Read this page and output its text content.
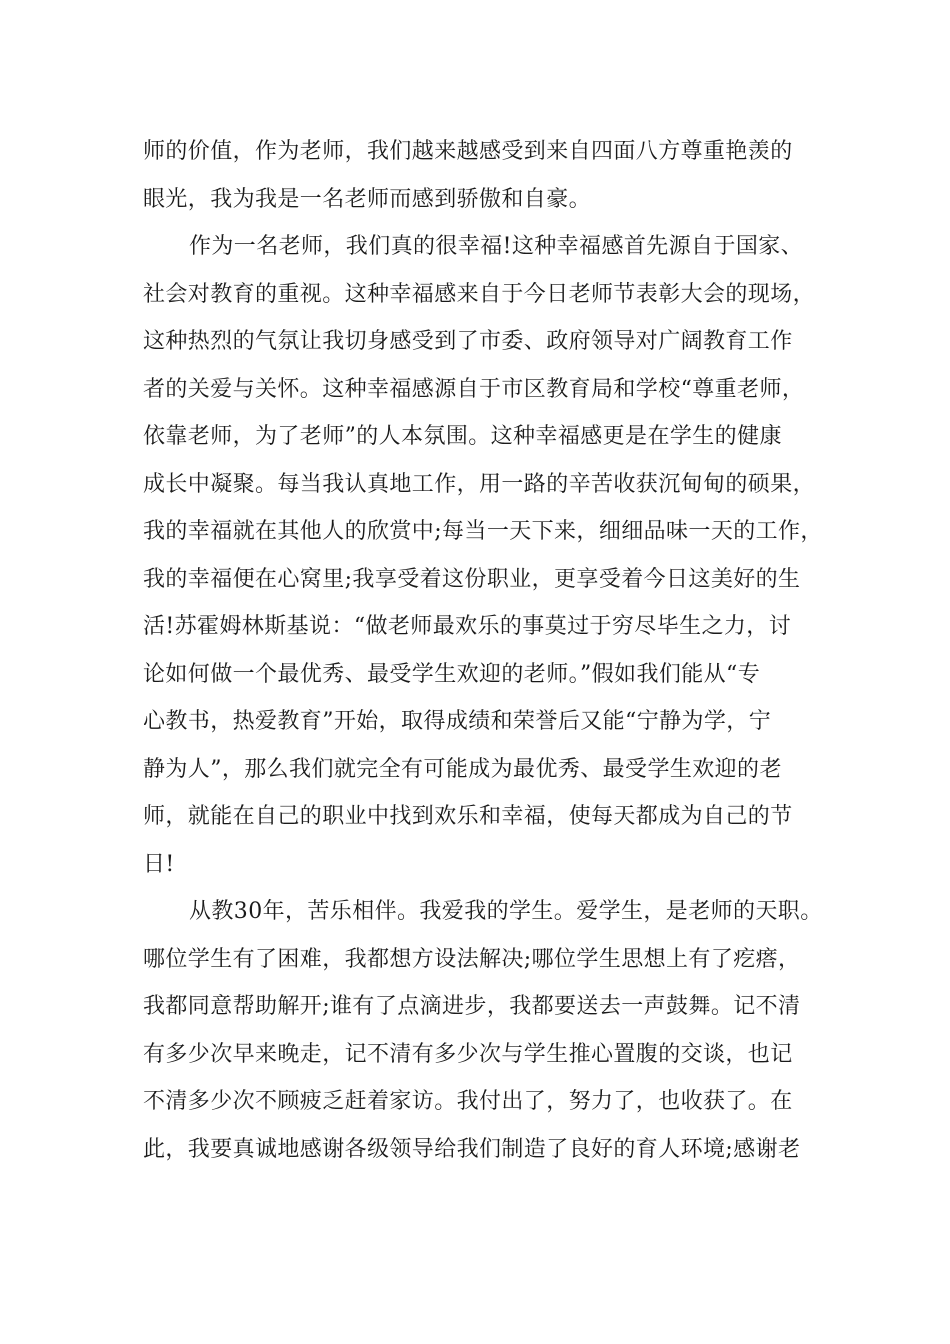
师的价值，作为老师，我们越来越感受到来自四面八方尊重艳羡的
眼光，我为我是一名老师而感到骄傲和自豪。
作为一名老师，我们真的很幸福!这种幸福感首先源自于国家、
社会对教育的重视。这种幸福感来自于今日老师节表彰大会的现场，
这种热烈的气氛让我切身感受到了市委、政府领导对广阔教育工作
者的关爱与关怀。这种幸福感源自于市区教育局和学校“尊重老师，
依靠老师，为了老师”的人本氛围。这种幸福感更是在学生的健康
成长中凝聚。每当我认真地工作，用一路的辛苦收获沉甸甸的硕果，
我的幸福就在其他人的欣赏中;每当一天下来，细细品味一天的工作，
我的幸福便在心窝里;我享受着这份职业，更享受着今日这美好的生
活!苏霍姆林斯基说：“做老师最欢乐的事莫过于穷尽毕生之力，讨
论如何做一个最优秀、最受学生欢迎的老师。”假如我们能从“专
心教书，热爱教育”开始，取得成绩和荣誉后又能“宁静为学，宁
静为人”，那么我们就完全有可能成为最优秀、最受学生欢迎的老
师，就能在自己的职业中找到欢乐和幸福，使每天都成为自己的节
日!
从教30年，苦乐相伴。我爱我的学生。爱学生，是老师的天职。
哪位学生有了困难，我都想方设法解决;哪位学生思想上有了疙瘩，
我都同意帮助解开;谁有了点滴进步，我都要送去一声鼓舞。记不清
有多少次早来晚走，记不清有多少次与学生推心置腹的交谈，也记
不清多少次不顾疲乏赶着家访。我付出了，努力了，也收获了。在
此，我要真诚地感谢各级领导给我们制造了良好的育人环境;感谢老
